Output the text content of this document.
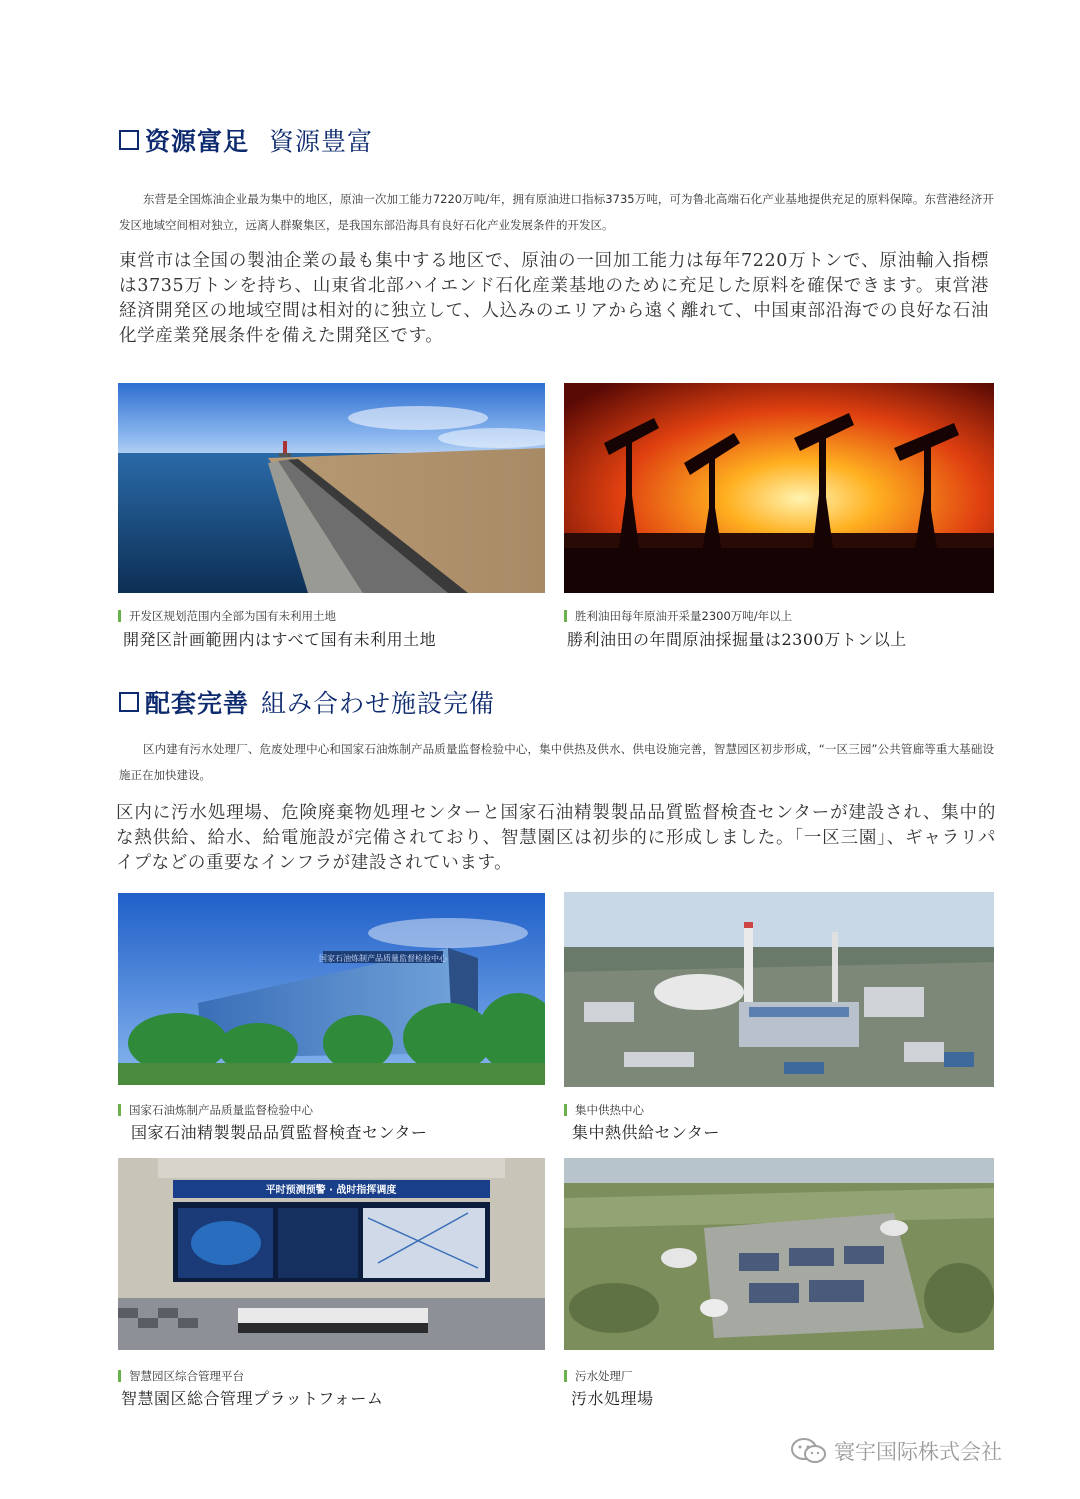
资源富足 資源豊富
东营是全国炼油企业最为集中的地区，原油一次加工能力7220万吨/年，拥有原油进口指标3735万吨，可为鲁北高端石化产业基地提供充足的原料保障。东营港经济开发区地域空间相对独立，远离人群聚集区，是我国东部沿海具有良好石化产业发展条件的开发区。
東営市は全国の製油企業の最も集中する地区で、原油の一回加工能力は毎年7220万トンで、原油輸入指標は3735万トンを持ち、山東省北部ハイエンド石化産業基地のために充足した原料を確保できます。東営港経済開発区の地域空間は相対的に独立して、人込みのエリアから遠く離れて、中国東部沿海での良好な石油化学産業発展条件を備えた開発区です。
开发区规划范围内全部为国有未利用土地
開発区計画範囲内はすべて国有未利用土地
胜利油田每年原油开采量2300万吨/年以上
勝利油田の年間原油採掘量は2300万トン以上
配套完善 組み合わせ施設完備
区内建有污水处理厂、危废处理中心和国家石油炼制产品质量监督检验中心，集中供热及供水、供电设施完善，智慧园区初步形成，“一区三园”公共管廊等重大基础设施正在加快建设。
区内に汚水処理場、危険廃棄物処理センターと国家石油精製製品品質監督検査センターが建設され、集中的な熱供給、給水、給電施設が完備されており、智慧園区は初歩的に形成しました。「一区三園」、ギャラリパイプなどの重要なインフラが建設されています。
国家石油炼制产品质量监督检验中心
国家石油炼制产品质量监督检验中心
国家石油精製製品品質監督検査センター
集中供热中心
集中熱供給センター
平时预测预警 · 战时指挥调度
智慧园区综合管理平台
智慧園区総合管理プラットフォーム
污水处理厂
汚水処理場
寰宇国际株式会社
